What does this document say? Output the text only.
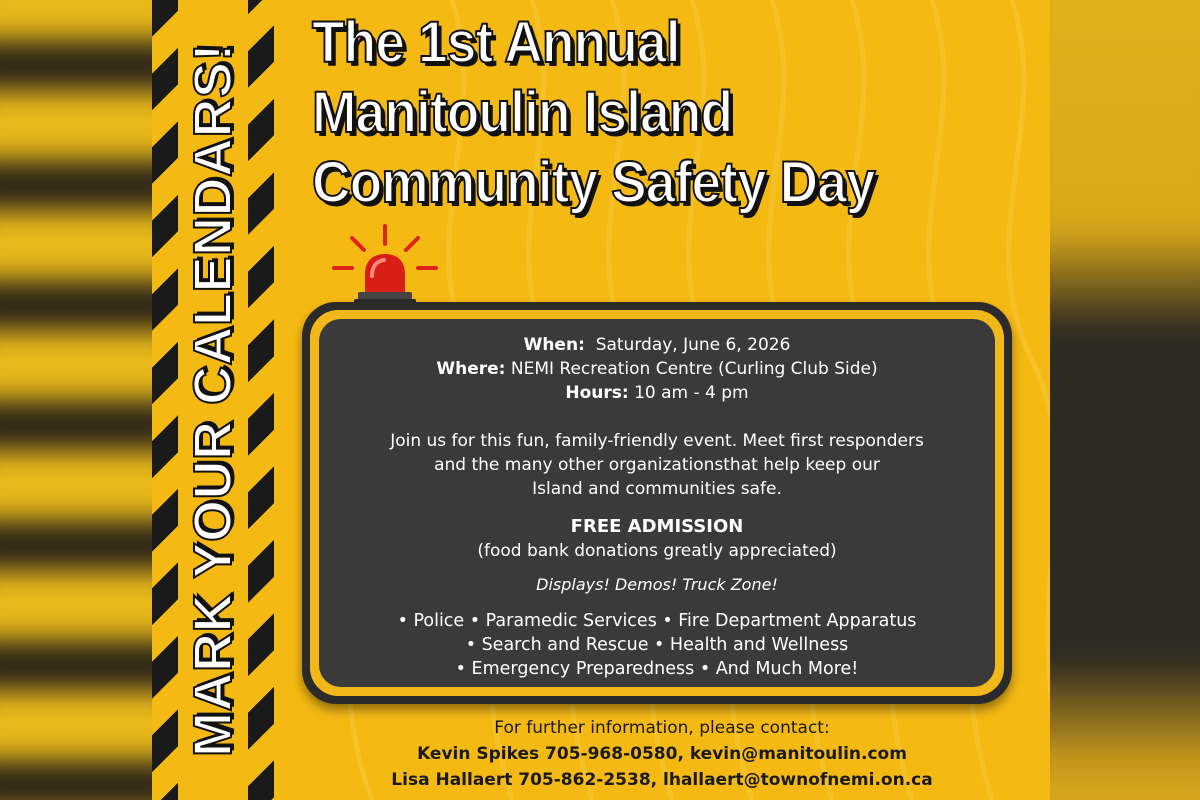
MARK YOUR CALENDARS!
The 1st Annual
Manitoulin Island
Community Safety Day
When: Saturday, June 6, 2026
Where: NEMI Recreation Centre (Curling Club Side)
Hours: 10 am - 4 pm
Join us for this fun, family-friendly event. Meet first responders
and the many other organizationsthat help keep our
Island and communities safe.
FREE ADMISSION
(food bank donations greatly appreciated)
Displays! Demos! Truck Zone!
• Police • Paramedic Services • Fire Department Apparatus
• Search and Rescue • Health and Wellness
• Emergency Preparedness • And Much More!
For further information, please contact:
Kevin Spikes 705-968-0580, kevin@manitoulin.com
Lisa Hallaert 705-862-2538, lhallaert@townofnemi.on.ca
